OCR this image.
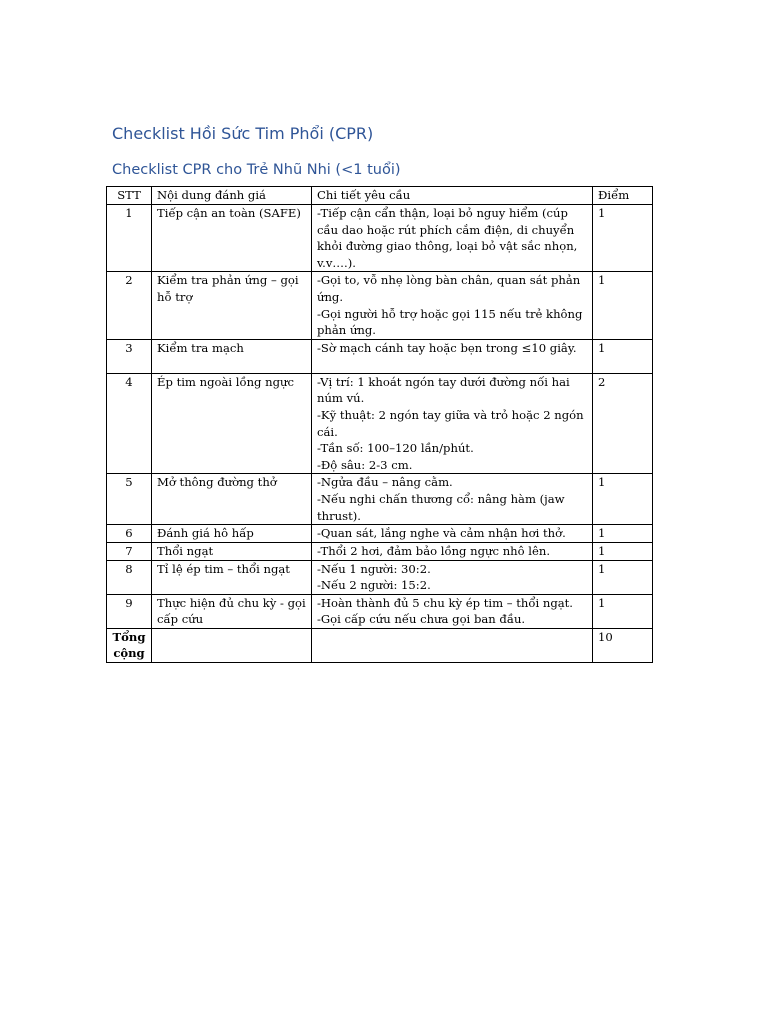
Checklist Hồi Sức Tim Phổi (CPR)
Checklist CPR cho Trẻ Nhũ Nhi (<1 tuổi)
STT	Nội dung đánh giá	Chi tiết yêu cầu	Điểm
1	Tiếp cận an toàn (SAFE)	-Tiếp cận cẩn thận, loại bỏ nguy hiểm (cúp cầu dao hoặc rút phích cắm điện, di chuyển khỏi đường giao thông, loại bỏ vật sắc nhọn, v.v….).	1
2	Kiểm tra phản ứng – gọi hỗ trợ	-Gọi to, vỗ nhẹ lòng bàn chân, quan sát phản ứng.
-Gọi người hỗ trợ hoặc gọi 115 nếu trẻ không phản ứng.	1
3	Kiểm tra mạch	-Sờ mạch cánh tay hoặc bẹn trong ≤10 giây.	1
4	Ép tim ngoài lồng ngực	-Vị trí: 1 khoát ngón tay dưới đường nối hai núm vú.
-Kỹ thuật: 2 ngón tay giữa và trỏ hoặc 2 ngón cái.
-Tần số: 100–120 lần/phút.
-Độ sâu: 2-3 cm.	2
5	Mở thông đường thở	-Ngửa đầu – nâng cằm.
-Nếu nghi chấn thương cổ: nâng hàm (jaw thrust).	1
6	Đánh giá hô hấp	-Quan sát, lắng nghe và cảm nhận hơi thở.	1
7	Thổi ngạt	-Thổi 2 hơi, đảm bảo lồng ngực nhô lên.	1
8	Tỉ lệ ép tim – thổi ngạt	-Nếu 1 người: 30:2.
-Nếu 2 người: 15:2.	1
9	Thực hiện đủ chu kỳ - gọi cấp cứu	-Hoàn thành đủ 5 chu kỳ ép tim – thổi ngạt.
-Gọi cấp cứu nếu chưa gọi ban đầu.	1
Tổng cộng			10
